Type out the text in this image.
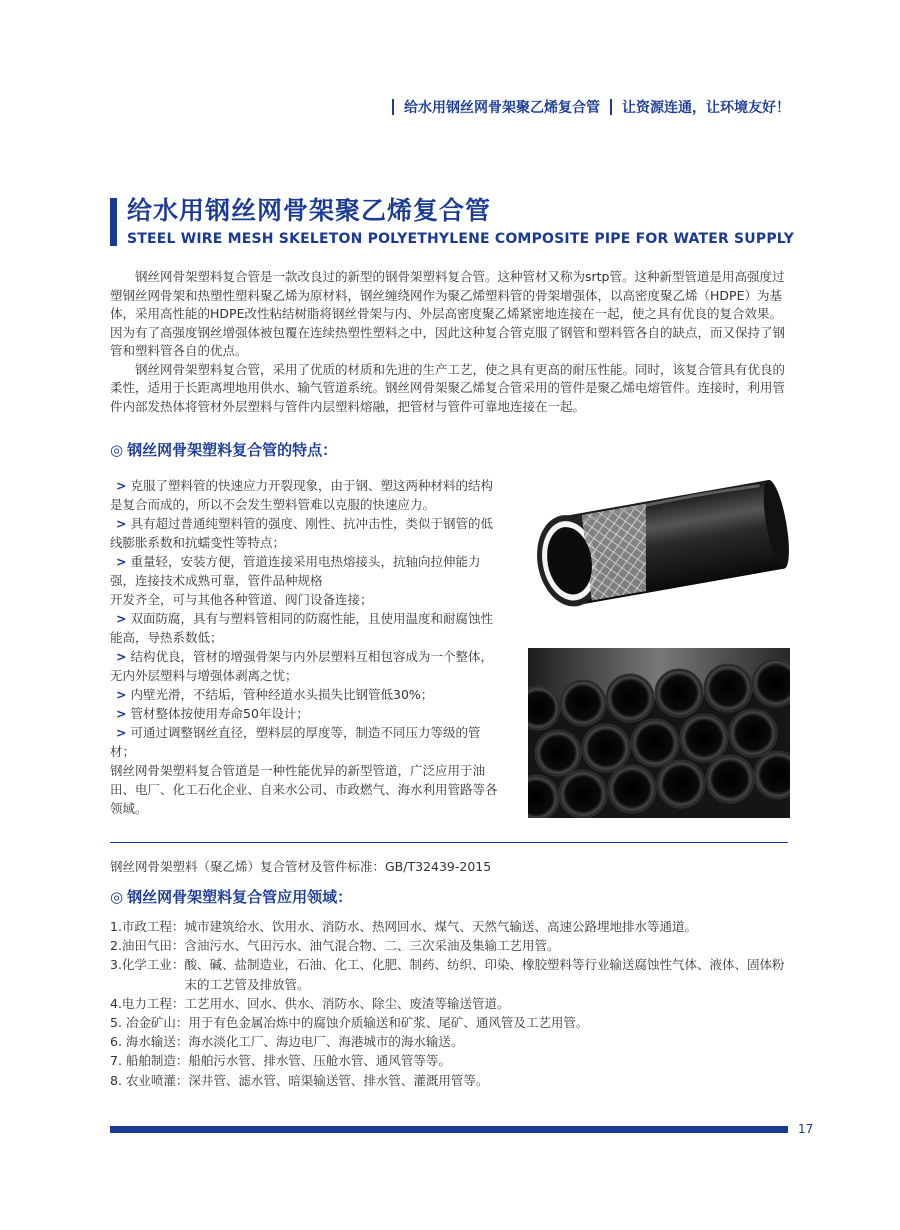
给水用钢丝网骨架聚乙烯复合管 让资源连通，让环境友好！
给水用钢丝网骨架聚乙烯复合管
STEEL WIRE MESH SKELETON POLYETHYLENE COMPOSITE PIPE FOR WATER SUPPLY

钢丝网骨架塑料复合管是一款改良过的新型的钢骨架塑料复合管。这种管材又称为srtp管。这种新型管道是用高强度过塑钢丝网骨架和热塑性塑料聚乙烯为原材料，钢丝缠绕网作为聚乙烯塑料管的骨架增强体，以高密度聚乙烯（HDPE）为基体，采用高性能的HDPE改性粘结树脂将钢丝骨架与内、外层高密度聚乙烯紧密地连接在一起，使之具有优良的复合效果。因为有了高强度钢丝增强体被包覆在连续热塑性塑料之中，因此这种复合管克服了钢管和塑料管各自的缺点，而又保持了钢管和塑料管各自的优点。

钢丝网骨架塑料复合管，采用了优质的材质和先进的生产工艺，使之具有更高的耐压性能。同时，该复合管具有优良的柔性，适用于长距离埋地用供水、输气管道系统。钢丝网骨架聚乙烯复合管采用的管件是聚乙烯电熔管件。连接时，利用管件内部发热体将管材外层塑料与管件内层塑料熔融，把管材与管件可靠地连接在一起。

◎ 钢丝网骨架塑料复合管的特点：

> 克服了塑料管的快速应力开裂现象，由于钢、塑这两种材料的结构是复合而成的，所以不会发生塑料管难以克服的快速应力。

> 具有超过普通纯塑料管的强度、刚性、抗冲击性，类似于钢管的低线膨胀系数和抗蠕变性等特点；

> 重量轻，安装方便，管道连接采用电热熔接头，抗轴向拉伸能力强，连接技术成熟可靠，管件品种规格

开发齐全，可与其他各种管道、阀门设备连接；

> 双面防腐，具有与塑料管相同的防腐性能，且使用温度和耐腐蚀性能高，导热系数低；

> 结构优良，管材的增强骨架与内外层塑料互相包容成为一个整体，无内外层塑料与增强体剥离之忧；

> 内壁光滑，不结垢，管种经道水头损失比钢管低30%；

> 管材整体按使用寿命50年设计；

> 可通过调整钢丝直径，塑料层的厚度等，制造不同压力等级的管材；

钢丝网骨架塑料复合管道是一种性能优异的新型管道，广泛应用于油田、电厂、化工石化企业、自来水公司、市政燃气、海水利用管路等各领域。

钢丝网骨架塑料（聚乙烯）复合管材及管件标准：GB/T32439-2015
◎ 钢丝网骨架塑料复合管应用领域：
1.市政工程： 城市建筑给水、饮用水、消防水、热网回水、煤气、天然气输送、高速公路埋地排水等通道。
2.油田气田： 含油污水、气田污水、油气混合物、二、三次采油及集输工艺用管。
3.化学工业： 酸、碱、盐制造业，石油、化工、化肥、制药、纺织、印染、橡胶塑料等行业输送腐蚀性气体、液体、固体粉末的工艺管及排放管。
4.电力工程： 工艺用水、回水、供水、消防水、除尘、废渣等输送管道。
5. 冶金矿山： 用于有色金属冶炼中的腐蚀介质输送和矿浆、尾矿、通风管及工艺用管。
6. 海水输送： 海水淡化工厂、海边电厂、海港城市的海水输送。
7. 船舶制造： 船舶污水管、排水管、压舱水管、通风管等等。
8. 农业喷灌： 深井管、滤水管、暗渠输送管、排水管、灌溉用管等。
17
